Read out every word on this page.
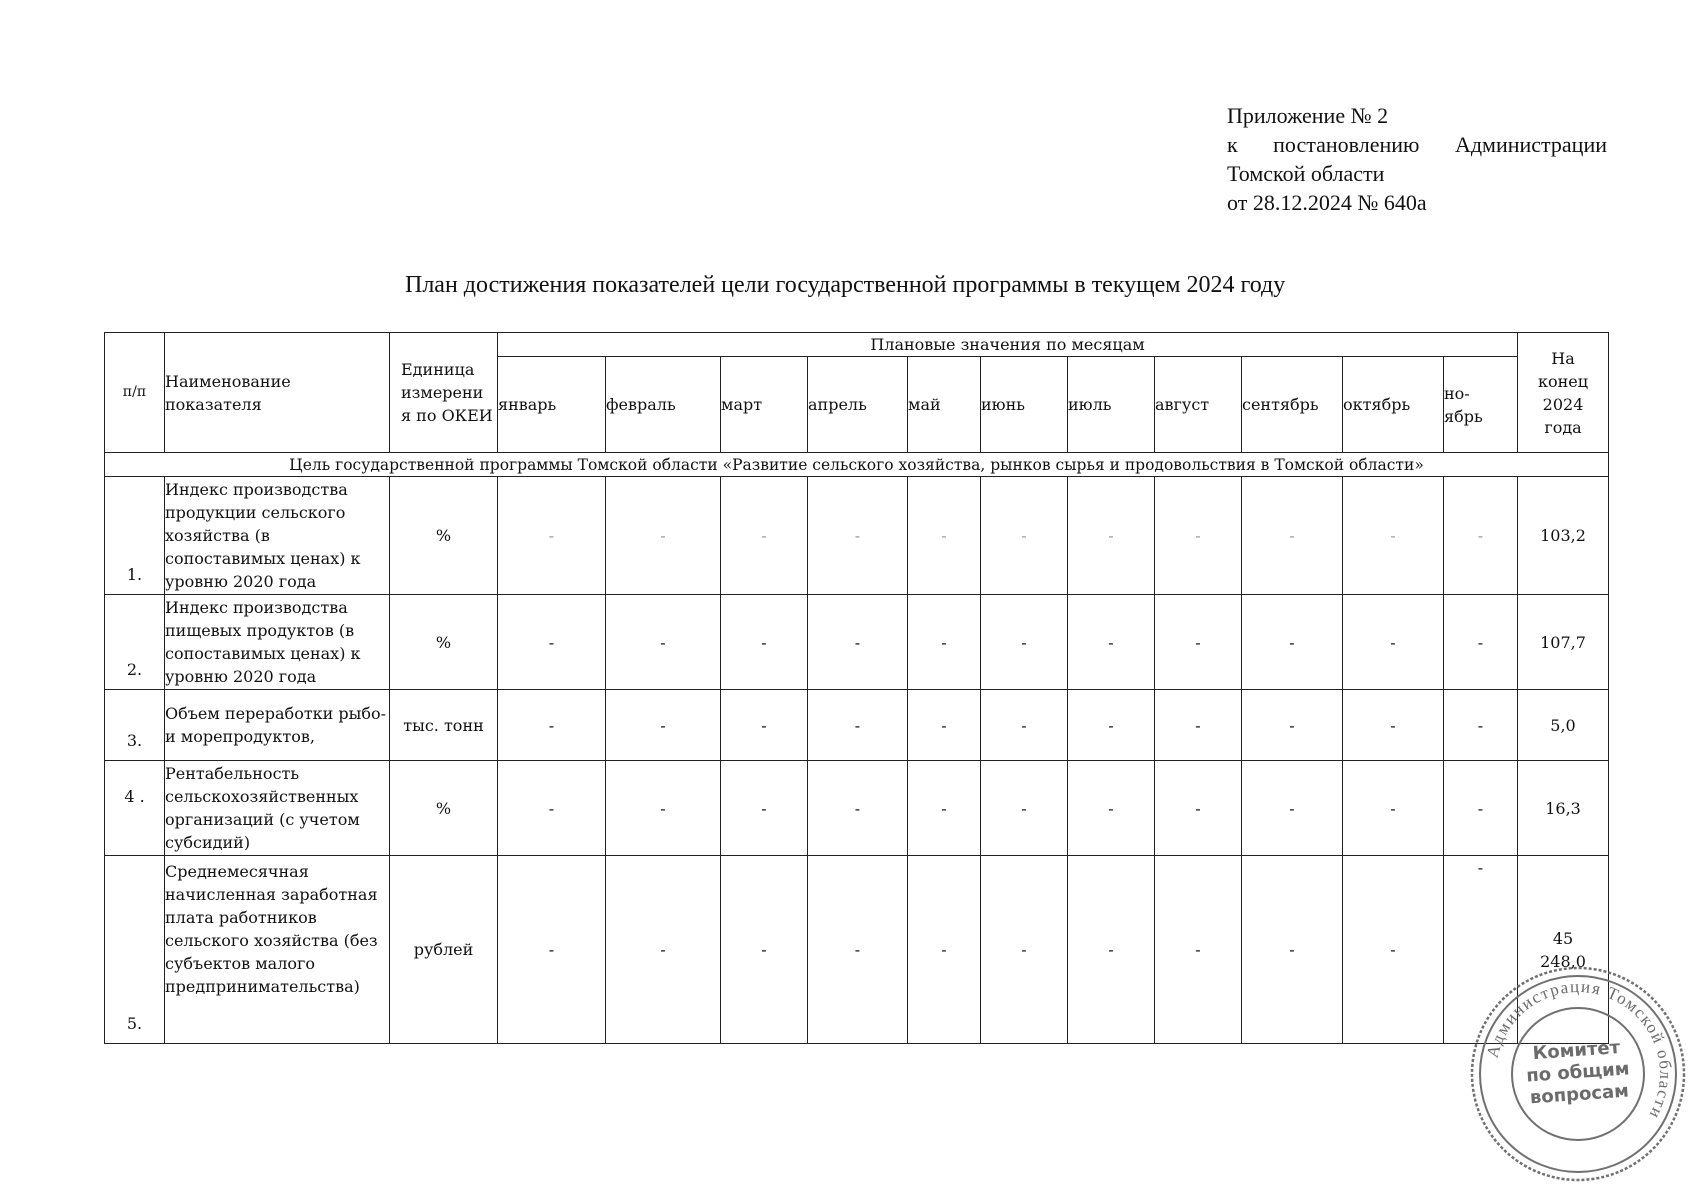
Приложение № 2
к постановлению Администрации
Томской области
от 28.12.2024 № 640а
План достижения показателей цели государственной программы в текущем 2024 году
п/п	Наименование показателя	Единица измерени я по ОКЕИ	Плановые значения по месяцам											На конец 2024 года
			январь	февраль	март	апрель	май	июнь	июль	август	сентябрь	октябрь	но-ябрь	
Цель государственной программы Томской области «Развитие сельского хозяйства, рынков сырья и продовольствия в Томской области»														
1.	Индекс производства продукции сельского хозяйства (в сопоставимых ценах) к уровню 2020 года	%	-	-	-	-	-	-	-	-	-	-	-	103,2
2.	Индекс производства пищевых продуктов (в сопоставимых ценах) к уровню 2020 года	%	-	-	-	-	-	-	-	-	-	-	-	107,7
3.	Объем переработки рыбо- и морепродуктов,	тыс. тонн	-	-	-	-	-	-	-	-	-	-	-	5,0
4 .	Рентабельность сельскохозяйственных организаций (с учетом субсидий)	%	-	-	-	-	-	-	-	-	-	-	-	16,3
5.	Среднемесячная начисленная заработная плата работников сельского хозяйства (без субъектов малого предпринимательства)	рублей	-	-	-	-	-	-	-	-	-	-	-	45 248,0
Администрация Томской области
Комитет
по общим
вопросам
